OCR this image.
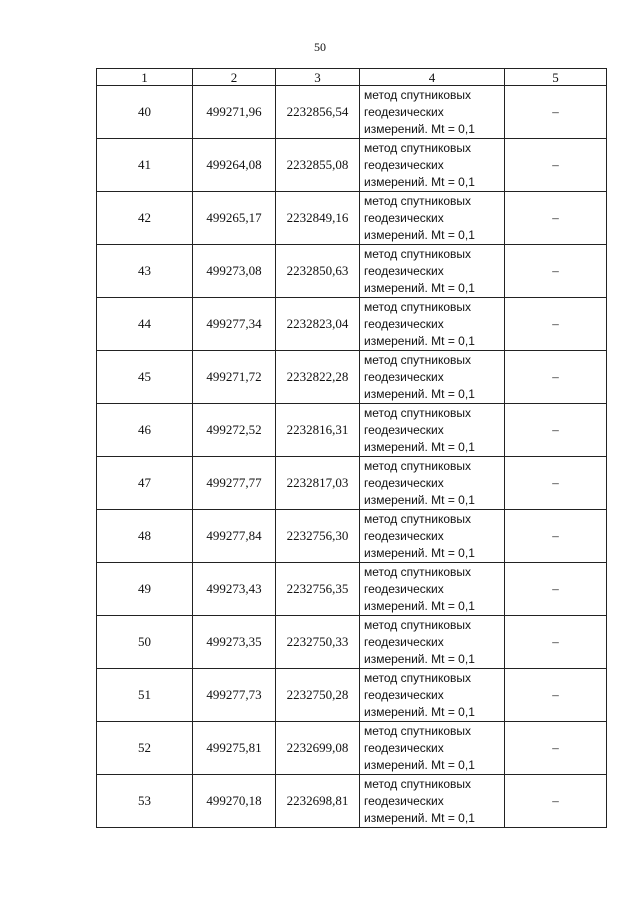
50
1	2	3	4	5
40	499271,96	2232856,54	метод спутниковых
геодезических
измерений. Mt = 0,1	–
41	499264,08	2232855,08	метод спутниковых
геодезических
измерений. Mt = 0,1	–
42	499265,17	2232849,16	метод спутниковых
геодезических
измерений. Mt = 0,1	–
43	499273,08	2232850,63	метод спутниковых
геодезических
измерений. Mt = 0,1	–
44	499277,34	2232823,04	метод спутниковых
геодезических
измерений. Mt = 0,1	–
45	499271,72	2232822,28	метод спутниковых
геодезических
измерений. Mt = 0,1	–
46	499272,52	2232816,31	метод спутниковых
геодезических
измерений. Mt = 0,1	–
47	499277,77	2232817,03	метод спутниковых
геодезических
измерений. Mt = 0,1	–
48	499277,84	2232756,30	метод спутниковых
геодезических
измерений. Mt = 0,1	–
49	499273,43	2232756,35	метод спутниковых
геодезических
измерений. Mt = 0,1	–
50	499273,35	2232750,33	метод спутниковых
геодезических
измерений. Mt = 0,1	–
51	499277,73	2232750,28	метод спутниковых
геодезических
измерений. Mt = 0,1	–
52	499275,81	2232699,08	метод спутниковых
геодезических
измерений. Mt = 0,1	–
53	499270,18	2232698,81	метод спутниковых
геодезических
измерений. Mt = 0,1	–
